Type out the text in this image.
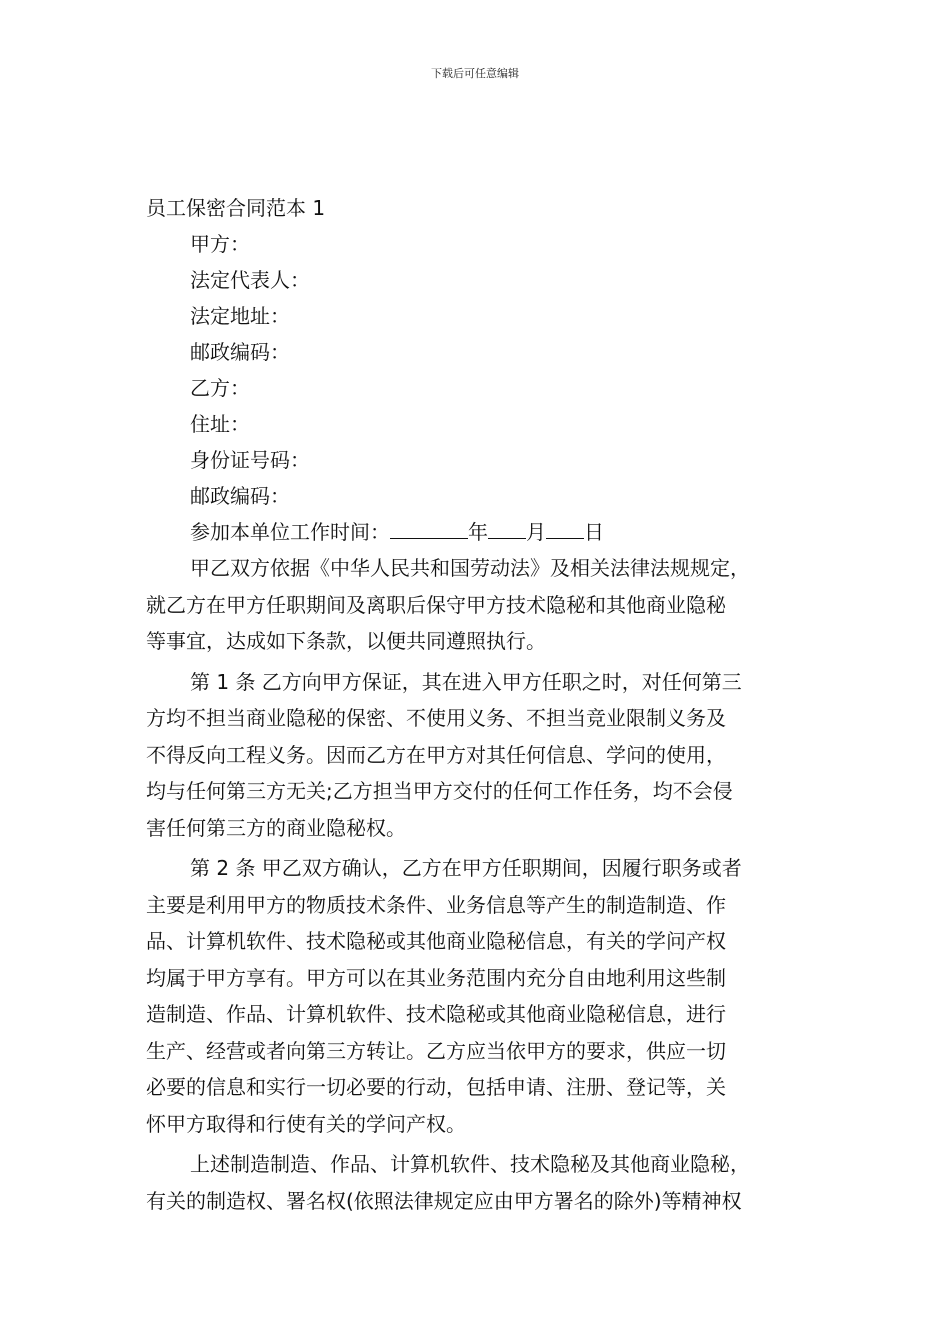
下载后可任意编辑
员工保密合同范本 1
甲方：
法定代表人：
法定地址：
邮政编码：
乙方：
住址：
身份证号码：
邮政编码：
参加本单位工作时间：	年 月 日

甲乙双方依据《中华人民共和国劳动法》及相关法律法规规定，
就乙方在甲方任职期间及离职后保守甲方技术隐秘和其他商业隐秘
等事宜，达成如下条款，以便共同遵照执行。

第 1 条 乙方向甲方保证，其在进入甲方任职之时，对任何第三
方均不担当商业隐秘的保密、不使用义务、不担当竞业限制义务及
不得反向工程义务。因而乙方在甲方对其任何信息、学问的使用，
均与任何第三方无关;乙方担当甲方交付的任何工作任务，均不会侵
害任何第三方的商业隐秘权。

第 2 条 甲乙双方确认，乙方在甲方任职期间，因履行职务或者
主要是利用甲方的物质技术条件、业务信息等产生的制造制造、作
品、计算机软件、技术隐秘或其他商业隐秘信息，有关的学问产权
均属于甲方享有。甲方可以在其业务范围内充分自由地利用这些制
造制造、作品、计算机软件、技术隐秘或其他商业隐秘信息，进行
生产、经营或者向第三方转让。乙方应当依甲方的要求，供应一切
必要的信息和实行一切必要的行动，包括申请、注册、登记等，关
怀甲方取得和行使有关的学问产权。

上述制造制造、作品、计算机软件、技术隐秘及其他商业隐秘，
有关的制造权、署名权(依照法律规定应由甲方署名的除外)等精神权
